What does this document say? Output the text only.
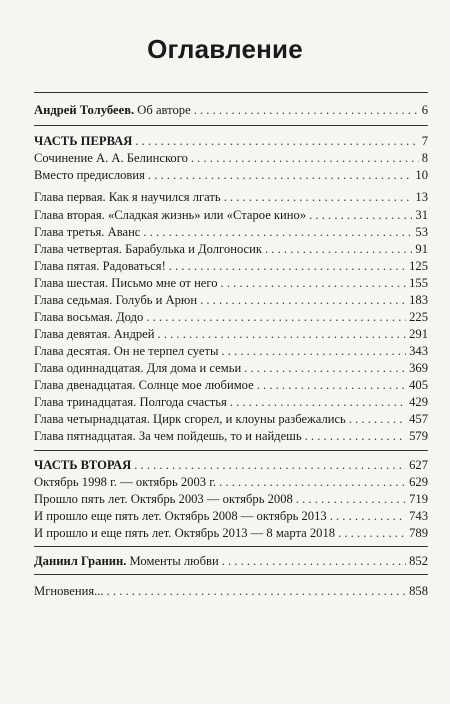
Оглавление
Андрей Толубеев. Об авторе . . .	6
ЧАСТЬ ПЕРВАЯ . . .	7
Сочинение А. А. Белинского . . .	8
Вместо предисловия . . .	10
Глава первая. Как я научился лгать . . .	13
Глава вторая. «Сладкая жизнь» или «Старое кино» . . .	31
Глава третья. Аванс . . .	53
Глава четвертая. Барабулька и Долгоносик . . .	91
Глава пятая. Радоваться! . . .	125
Глава шестая. Письмо мне от него . . .	155
Глава седьмая. Голубь и Арюн . . .	183
Глава восьмая. Додо . . .	225
Глава девятая. Андрей . . .	291
Глава десятая. Он не терпел суеты . . .	343
Глава одиннадцатая. Для дома и семьи . . .	369
Глава двенадцатая. Солнце мое любимое . . .	405
Глава тринадцатая. Полгода счастья . . .	429
Глава четырнадцатая. Цирк сгорел, и клоуны разбежались . . .	457
Глава пятнадцатая. За чем пойдешь, то и найдешь . . .	579
ЧАСТЬ ВТОРАЯ . . .	627
Октябрь 1998 г. — октябрь 2003 г. . . .	629
Прошло пять лет. Октябрь 2003 — октябрь 2008 . . .	719
И прошло еще пять лет. Октябрь 2008 — октябрь 2013 . . .	743
И прошло и еще пять лет. Октябрь 2013 — 8 марта 2018 . . .	789
Даниил Гранин. Моменты любви . . .	852
Мгновения... . . .	858
